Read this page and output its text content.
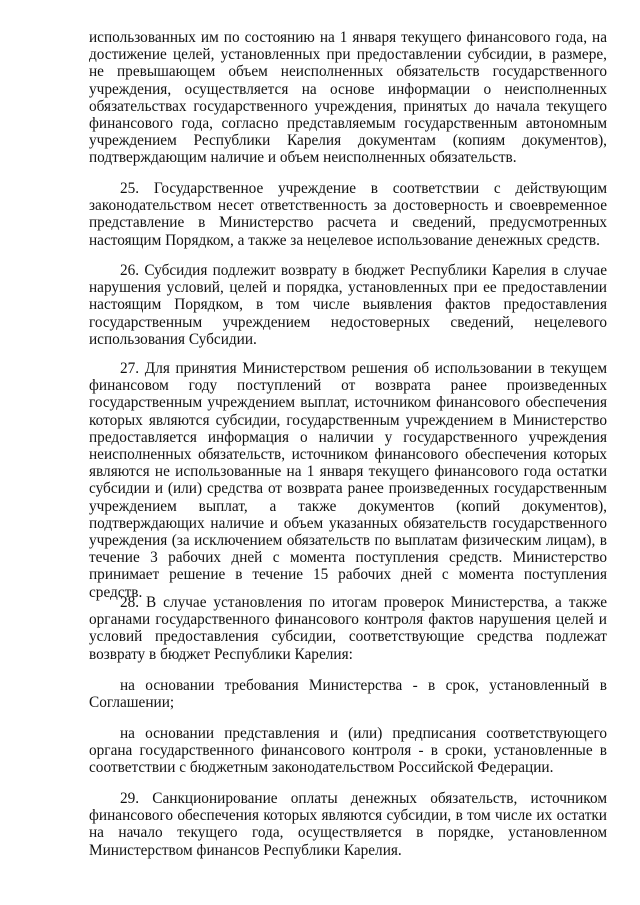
использованных им по состоянию на 1 января текущего финансового года, на достижение целей, установленных при предоставлении субсидии, в размере, не превышающем объем неисполненных обязательств государственного учреждения, осуществляется на основе информации о неисполненных обязательствах государственного учреждения, принятых до начала текущего финансового года, согласно представляемым государственным автономным учреждением Республики Карелия документам (копиям документов), подтверждающим наличие и объем неисполненных обязательств.

25. Государственное учреждение в соответствии с действующим законодательством несет ответственность за достоверность и своевременное представление в Министерство расчета и сведений, предусмотренных настоящим Порядком, а также за нецелевое использование денежных средств.

26. Субсидия подлежит возврату в бюджет Республики Карелия в случае нарушения условий, целей и порядка, установленных при ее предоставлении настоящим Порядком, в том числе выявления фактов предоставления государственным учреждением недостоверных сведений, нецелевого использования Субсидии.

27. Для принятия Министерством решения об использовании в текущем финансовом году поступлений от возврата ранее произведенных государственным учреждением выплат, источником финансового обеспечения которых являются субсидии, государственным учреждением в Министерство предоставляется информация о наличии у государственного учреждения неисполненных обязательств, источником финансового обеспечения которых являются не использованные на 1 января текущего финансового года остатки субсидии и (или) средства от возврата ранее произведенных государственным учреждением выплат, а также документов (копий документов), подтверждающих наличие и объем указанных обязательств государственного учреждения (за исключением обязательств по выплатам физическим лицам), в течение 3 рабочих дней с момента поступления средств. Министерство принимает решение в течение 15 рабочих дней с момента поступления средств.

28. В случае установления по итогам проверок Министерства, а также органами государственного финансового контроля фактов нарушения целей и условий предоставления субсидии, соответствующие средства подлежат возврату в бюджет Республики Карелия:

на основании требования Министерства - в срок, установленный в Соглашении;

на основании представления и (или) предписания соответствующего органа государственного финансового контроля - в сроки, установленные в соответствии с бюджетным законодательством Российской Федерации.

29. Санкционирование оплаты денежных обязательств, источником финансового обеспечения которых являются субсидии, в том числе их остатки на начало текущего года, осуществляется в порядке, установленном Министерством финансов Республики Карелия.
